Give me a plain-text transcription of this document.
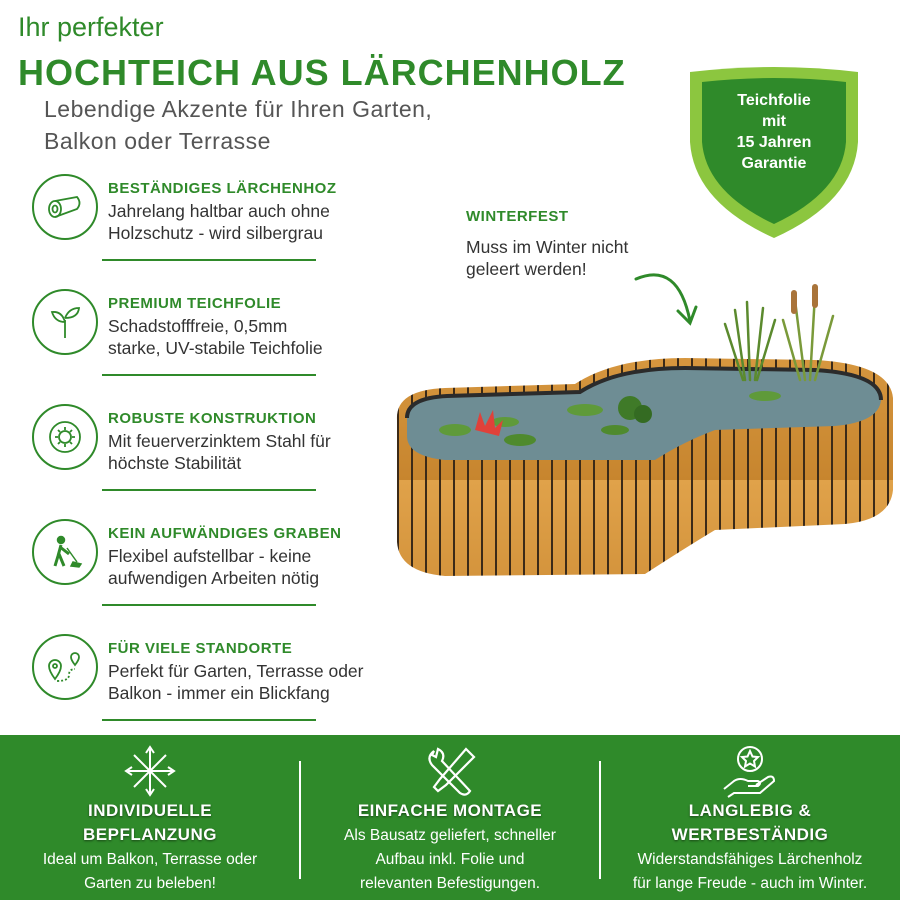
Ihr perfekter
HOCHTEICH AUS LÄRCHENHOLZ
Lebendige Akzente für Ihren Garten,
Balkon oder Terrasse
Teichfolie
mit
15 Jahren
Garantie
BESTÄNDIGES LÄRCHENHOZ
Jahrelang haltbar auch ohne
Holzschutz - wird silbergrau
PREMIUM TEICHFOLIE
Schadstofffreie, 0,5mm
starke, UV-stabile Teichfolie
ROBUSTE KONSTRUKTION
Mit feuerverzinktem Stahl für
höchste Stabilität
KEIN AUFWÄNDIGES GRABEN
Flexibel aufstellbar - keine
aufwendigen Arbeiten nötig
FÜR VIELE STANDORTE
Perfekt für Garten, Terrasse oder
Balkon - immer ein Blickfang
WINTERFEST
Muss im Winter nicht
geleert werden!
INDIVIDUELLE
BEPFLANZUNG
Ideal um Balkon, Terrasse oder
Garten zu beleben!
EINFACHE MONTAGE
Als Bausatz geliefert, schneller
Aufbau inkl. Folie und
relevanten Befestigungen.
LANGLEBIG &
WERTBESTÄNDIG
Widerstandsfähiges Lärchenholz
für lange Freude - auch im Winter.
